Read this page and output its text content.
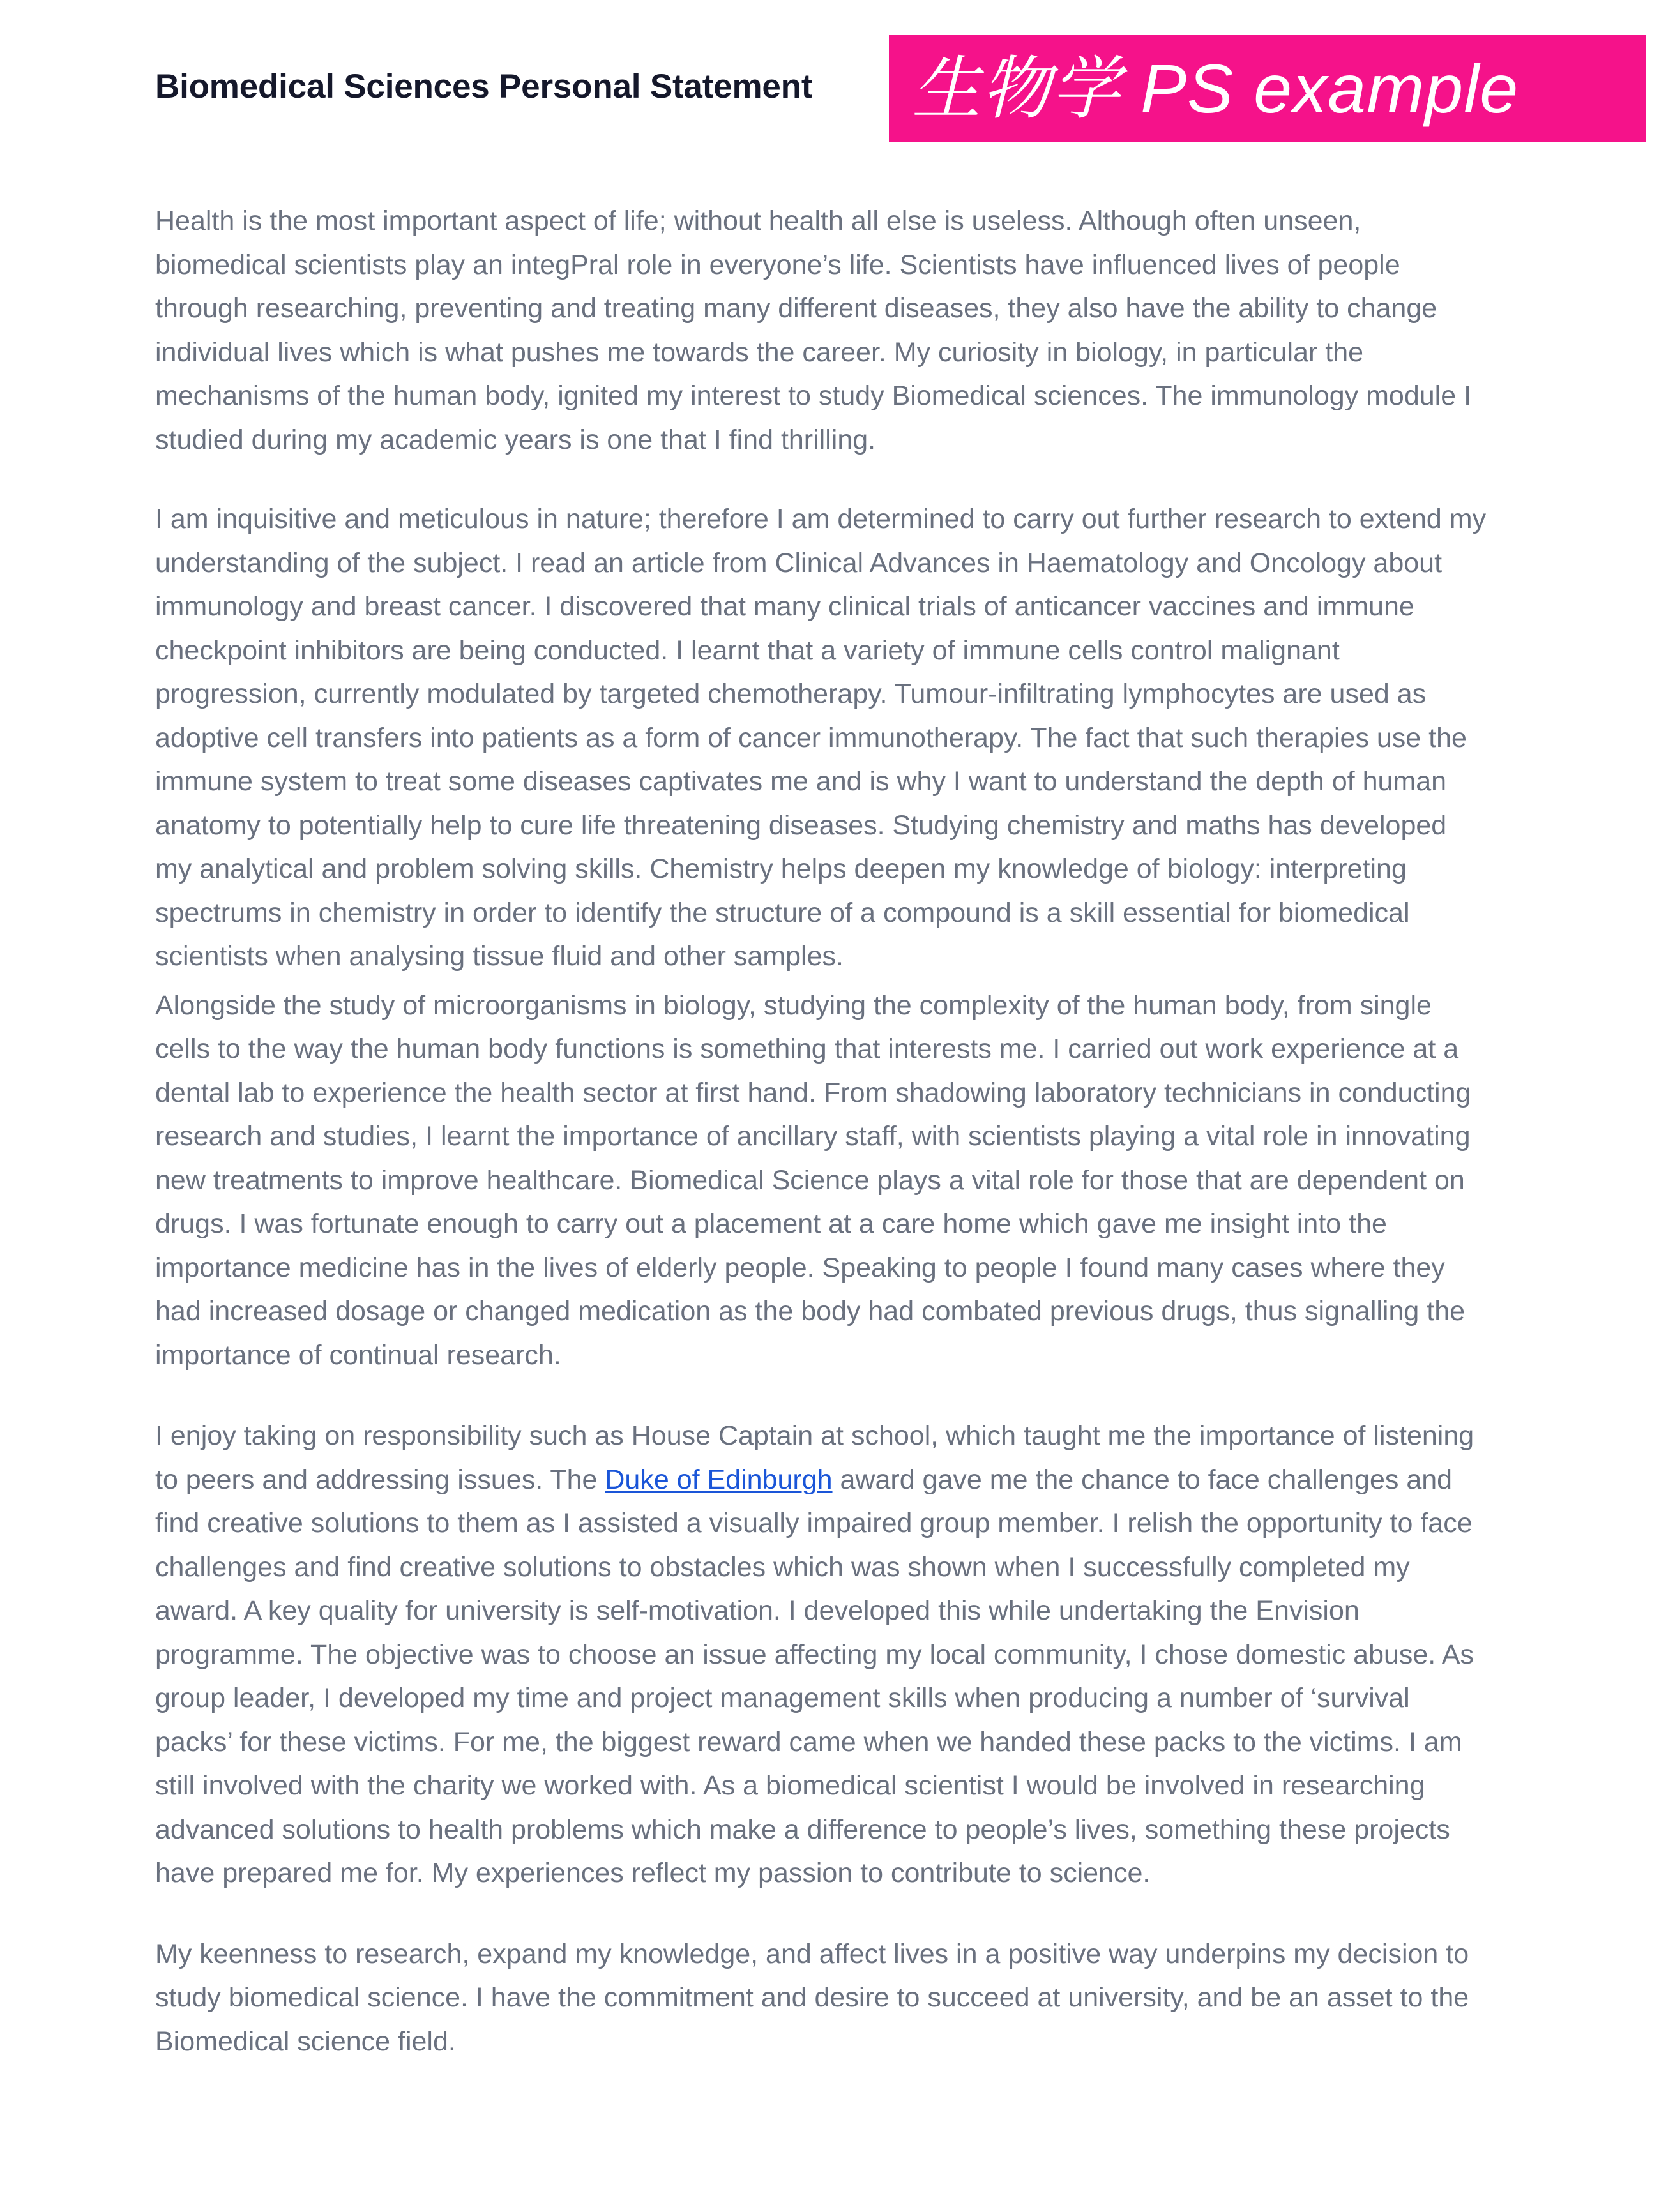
Biomedical Sciences Personal Statement 生物学 PS example

Health is the most important aspect of life; without health all else is useless. Although often unseen, biomedical scientists play an integPral role in everyone’s life. Scientists have influenced lives of people through researching, preventing and treating many different diseases, they also have the ability to change individual lives which is what pushes me towards the career. My curiosity in biology, in particular the mechanisms of the human body, ignited my interest to study Biomedical sciences. The immunology module I studied during my academic years is one that I find thrilling.

I am inquisitive and meticulous in nature; therefore I am determined to carry out further research to extend my understanding of the subject. I read an article from Clinical Advances in Haematology and Oncology about immunology and breast cancer. I discovered that many clinical trials of anticancer vaccines and immune checkpoint inhibitors are being conducted. I learnt that a variety of immune cells control malignant progression, currently modulated by targeted chemotherapy. Tumour-infiltrating lymphocytes are used as adoptive cell transfers into patients as a form of cancer immunotherapy. The fact that such therapies use the immune system to treat some diseases captivates me and is why I want to understand the depth of human anatomy to potentially help to cure life threatening diseases. Studying chemistry and maths has developed my analytical and problem solving skills. Chemistry helps deepen my knowledge of biology: interpreting spectrums in chemistry in order to identify the structure of a compound is a skill essential for biomedical scientists when analysing tissue fluid and other samples.

Alongside the study of microorganisms in biology, studying the complexity of the human body, from single cells to the way the human body functions is something that interests me. I carried out work experience at a dental lab to experience the health sector at first hand. From shadowing laboratory technicians in conducting research and studies, I learnt the importance of ancillary staff, with scientists playing a vital role in innovating new treatments to improve healthcare. Biomedical Science plays a vital role for those that are dependent on drugs. I was fortunate enough to carry out a placement at a care home which gave me insight into the importance medicine has in the lives of elderly people. Speaking to people I found many cases where they had increased dosage or changed medication as the body had combated previous drugs, thus signalling the importance of continual research.

I enjoy taking on responsibility such as House Captain at school, which taught me the importance of listening to peers and addressing issues. The Duke of Edinburgh award gave me the chance to face challenges and find creative solutions to them as I assisted a visually impaired group member. I relish the opportunity to face challenges and find creative solutions to obstacles which was shown when I successfully completed my award. A key quality for university is self-motivation. I developed this while undertaking the Envision programme. The objective was to choose an issue affecting my local community, I chose domestic abuse. As group leader, I developed my time and project management skills when producing a number of ‘survival packs’ for these victims. For me, the biggest reward came when we handed these packs to the victims. I am still involved with the charity we worked with. As a biomedical scientist I would be involved in researching advanced solutions to health problems which make a difference to people’s lives, something these projects have prepared me for. My experiences reflect my passion to contribute to science.

My keenness to research, expand my knowledge, and affect lives in a positive way underpins my decision to study biomedical science. I have the commitment and desire to succeed at university, and be an asset to the Biomedical science field.
